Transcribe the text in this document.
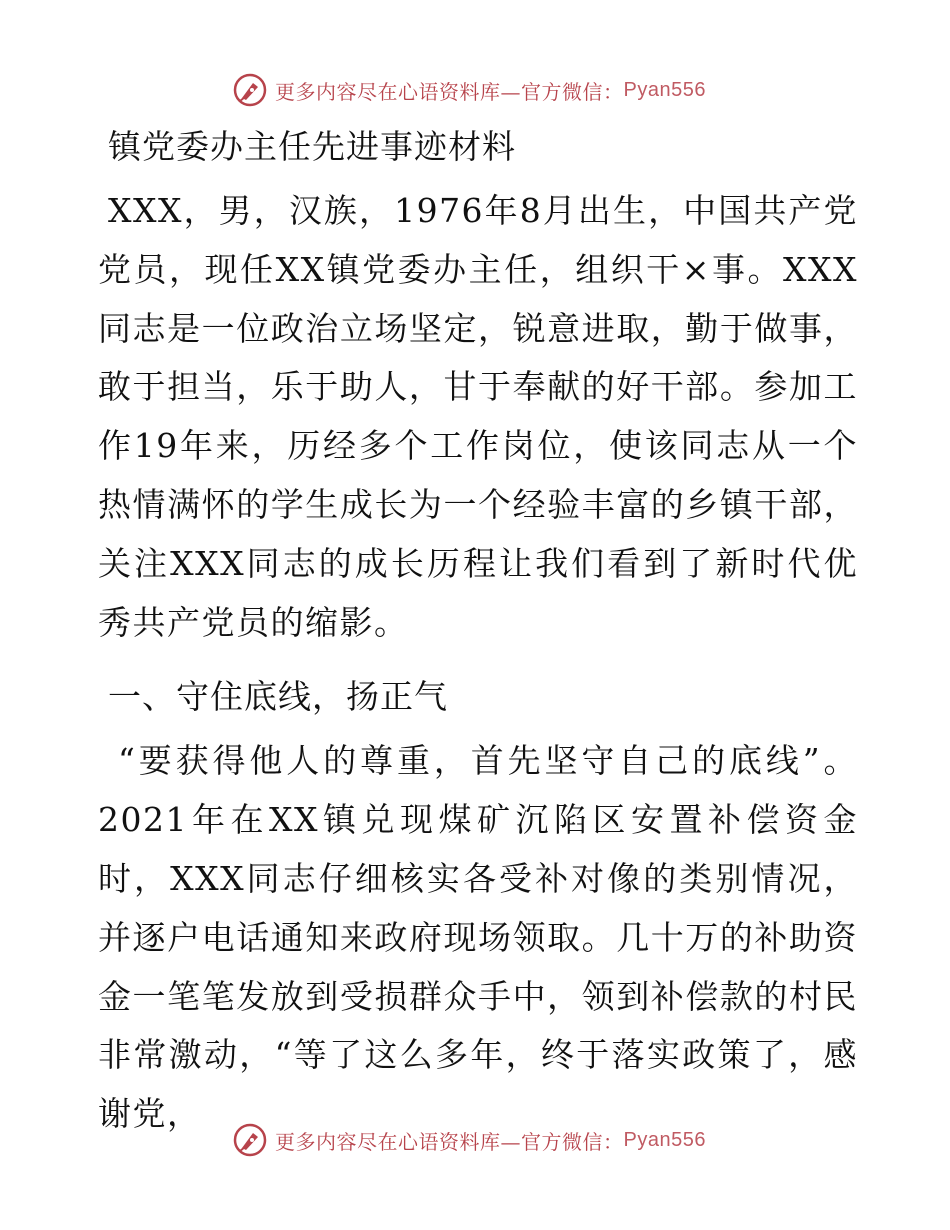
更多内容尽在心语资料库—官方微信： Pyan556
镇党委办主任先进事迹材料

XXX，男，汉族，1976年8月出生，中国共产党党员，现任XX镇党委办主任，组织干×事。XXX同志是一位政治立场坚定，锐意进取，勤于做事，敢于担当，乐于助人，甘于奉献的好干部。参加工作19年来，历经多个工作岗位，使该同志从一个热情满怀的学生成长为一个经验丰富的乡镇干部，关注XXX同志的成长历程让我们看到了新时代优秀共产党员的缩影。

一、守住底线，扬正气

“要获得他人的尊重，首先坚守自己的底线”。2021年在XX镇兑现煤矿沉陷区安置补偿资金时，XXX同志仔细核实各受补对像的类别情况，并逐户电话通知来政府现场领取。几十万的补助资金一笔笔发放到受损群众手中，领到补偿款的村民非常激动，“等了这么多年，终于落实政策了，感谢党，

更多内容尽在心语资料库—官方微信： Pyan556
